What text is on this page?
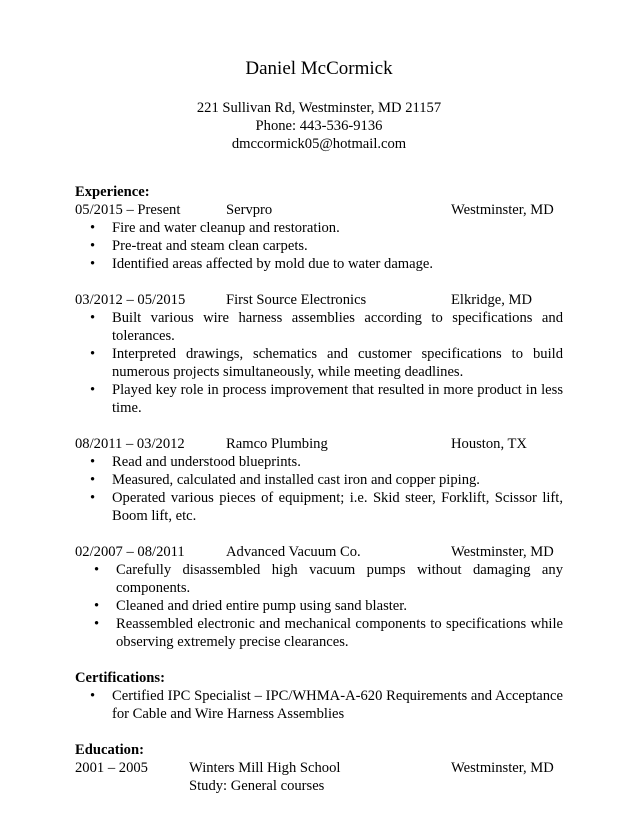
Daniel McCormick
221 Sullivan Rd, Westminster, MD 21157
Phone: 443-536-9136
dmccormick05@hotmail.com
Experience:
05/2015 – Present	Servpro	Westminster, MD
• Fire and water cleanup and restoration.
• Pre-treat and steam clean carpets.
• Identified areas affected by mold due to water damage.
03/2012 – 05/2015	First Source Electronics	Elkridge, MD
• Built various wire harness assemblies according to specifications and tolerances.
• Interpreted drawings, schematics and customer specifications to build numerous projects simultaneously, while meeting deadlines.
• Played key role in process improvement that resulted in more product in less time.
08/2011 – 03/2012	Ramco Plumbing	Houston, TX
• Read and understood blueprints.
• Measured, calculated and installed cast iron and copper piping.
• Operated various pieces of equipment; i.e. Skid steer, Forklift, Scissor lift, Boom lift, etc.
02/2007 – 08/2011	Advanced Vacuum Co.	Westminster, MD
• Carefully disassembled high vacuum pumps without damaging any components.
• Cleaned and dried entire pump using sand blaster.
• Reassembled electronic and mechanical components to specifications while observing extremely precise clearances.
Certifications:
• Certified IPC Specialist – IPC/WHMA-A-620 Requirements and Acceptance for Cable and Wire Harness Assemblies
Education:
2001 – 2005	Winters Mill High School	Westminster, MD
Study: General courses
